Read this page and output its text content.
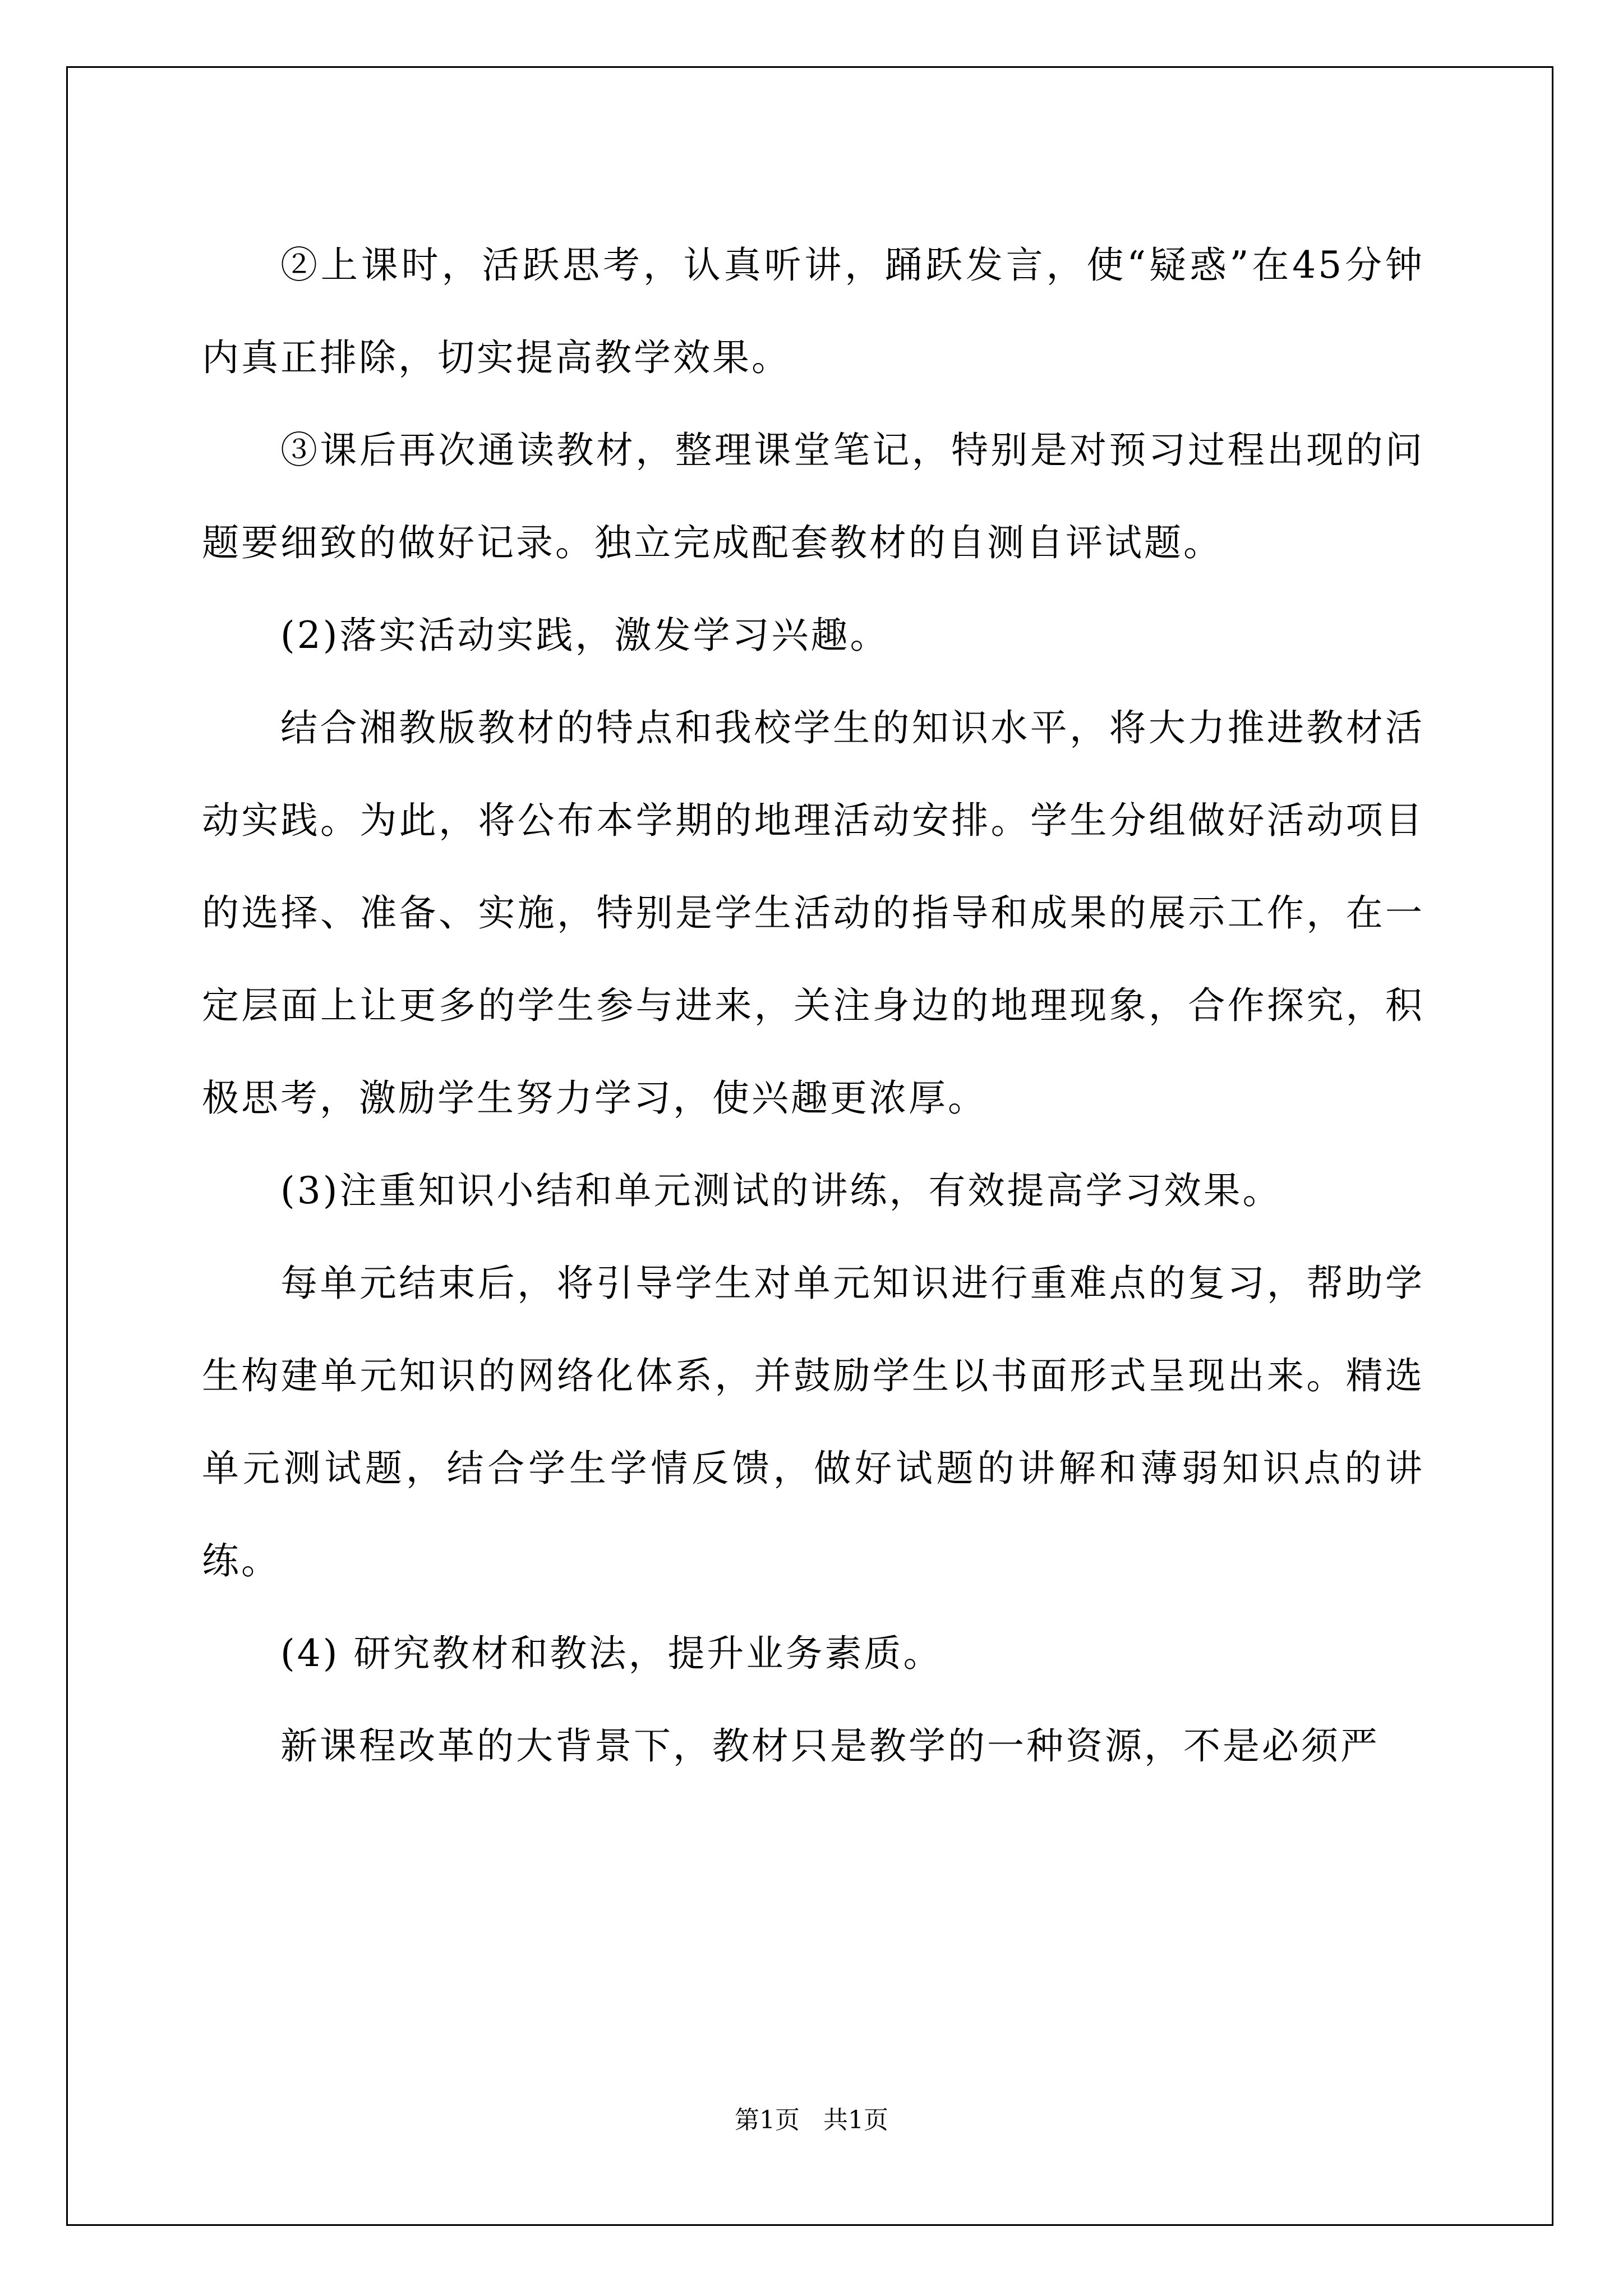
②上课时，活跃思考，认真听讲，踊跃发言，使“疑惑”在45分钟内真正排除，切实提高教学效果。

③课后再次通读教材，整理课堂笔记，特别是对预习过程出现的问题要细致的做好记录。独立完成配套教材的自测自评试题。

(2)落实活动实践，激发学习兴趣。

结合湘教版教材的特点和我校学生的知识水平，将大力推进教材活动实践。为此，将公布本学期的地理活动安排。学生分组做好活动项目的选择、准备、实施，特别是学生活动的指导和成果的展示工作，在一定层面上让更多的学生参与进来，关注身边的地理现象，合作探究，积极思考，激励学生努力学习，使兴趣更浓厚。

(3)注重知识小结和单元测试的讲练，有效提高学习效果。

每单元结束后，将引导学生对单元知识进行重难点的复习，帮助学生构建单元知识的网络化体系，并鼓励学生以书面形式呈现出来。精选单元测试题，结合学生学情反馈，做好试题的讲解和薄弱知识点的讲练。

(4) 研究教材和教法，提升业务素质。

新课程改革的大背景下，教材只是教学的一种资源，不是必须严

第1页 共1页
